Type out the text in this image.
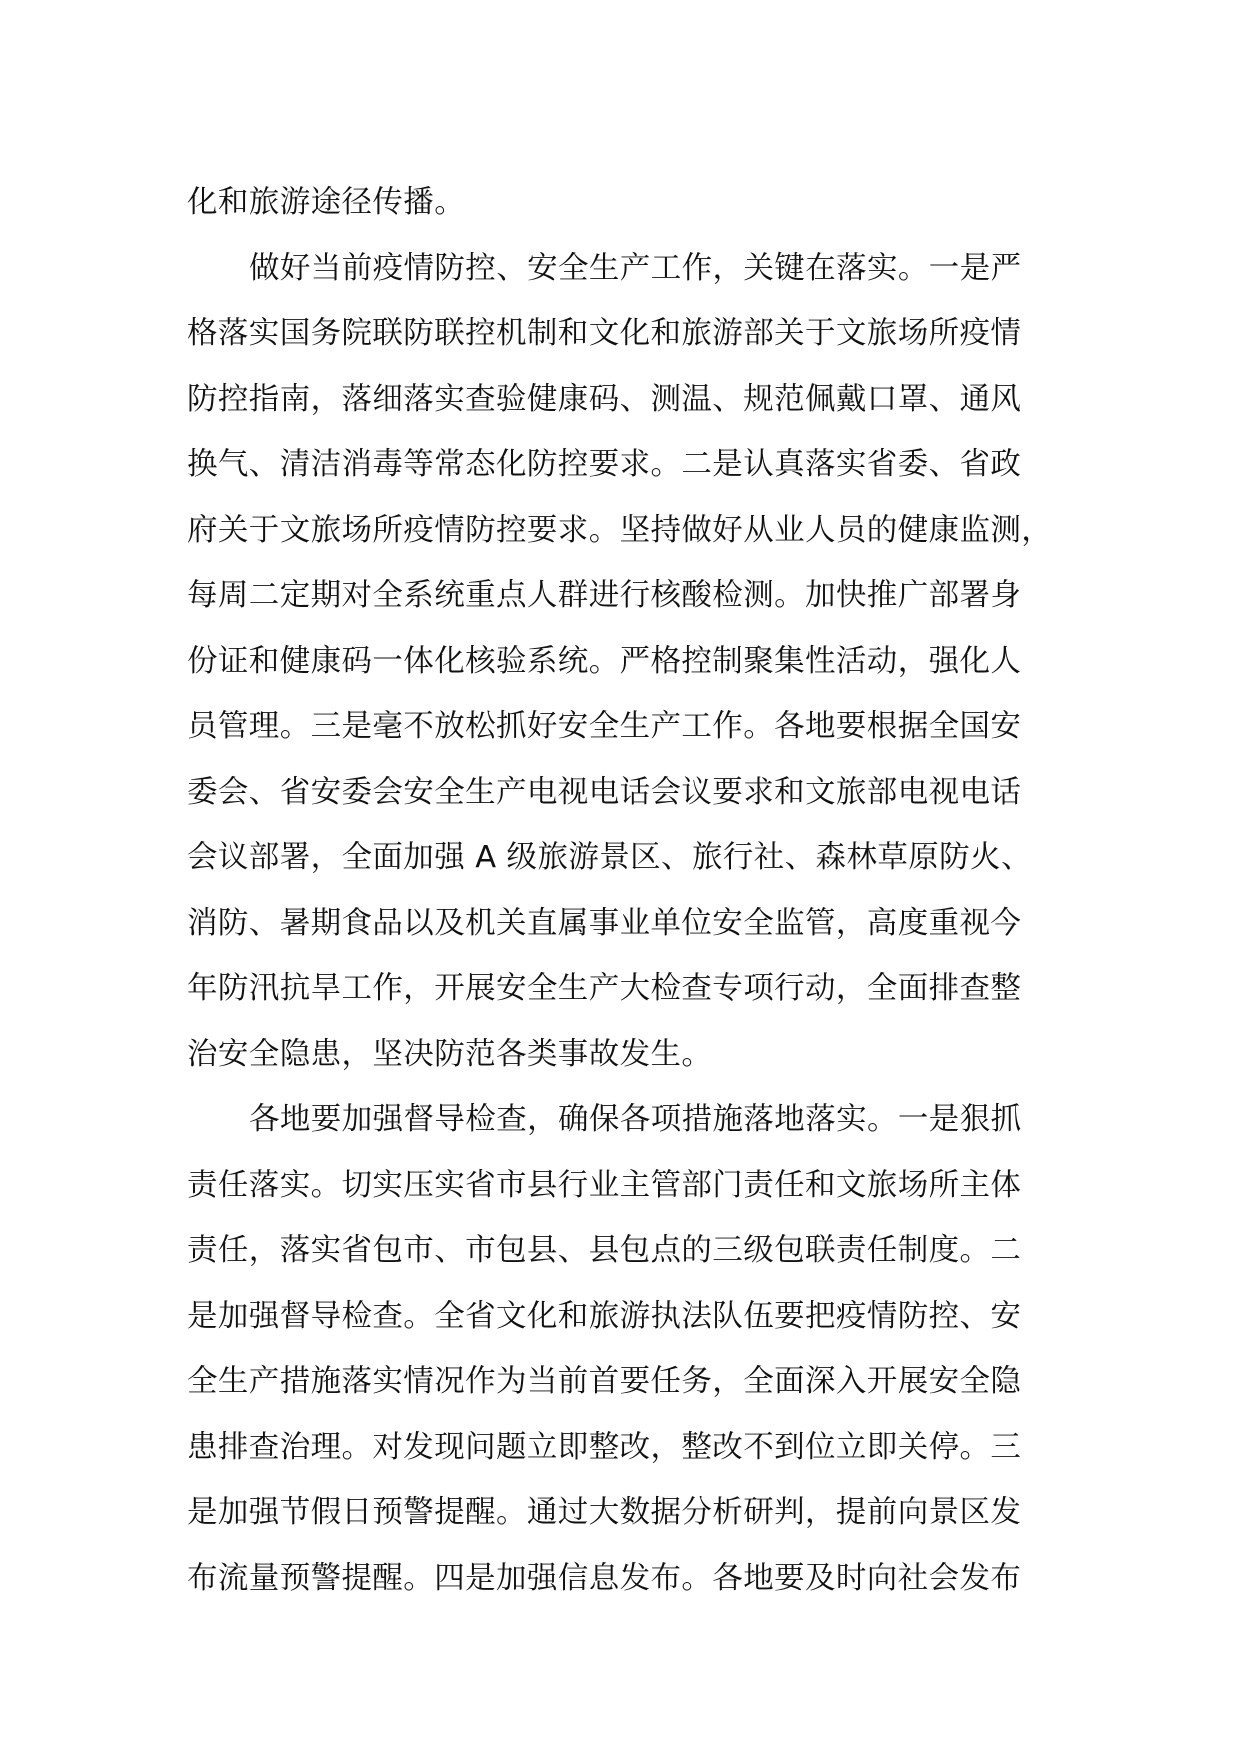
化和旅游途径传播。
做好当前疫情防控、安全生产工作，关键在落实。一是严
格落实国务院联防联控机制和文化和旅游部关于文旅场所疫情
防控指南，落细落实查验健康码、测温、规范佩戴口罩、通风
换气、清洁消毒等常态化防控要求。二是认真落实省委、省政
府关于文旅场所疫情防控要求。坚持做好从业人员的健康监测，
每周二定期对全系统重点人群进行核酸检测。加快推广部署身
份证和健康码一体化核验系统。严格控制聚集性活动，强化人
员管理。三是毫不放松抓好安全生产工作。各地要根据全国安
委会、省安委会安全生产电视电话会议要求和文旅部电视电话
会议部署，全面加强 A 级旅游景区、旅行社、森林草原防火、
消防、暑期食品以及机关直属事业单位安全监管，高度重视今
年防汛抗旱工作，开展安全生产大检查专项行动，全面排查整
治安全隐患，坚决防范各类事故发生。
各地要加强督导检查，确保各项措施落地落实。一是狠抓
责任落实。切实压实省市县行业主管部门责任和文旅场所主体
责任，落实省包市、市包县、县包点的三级包联责任制度。二
是加强督导检查。全省文化和旅游执法队伍要把疫情防控、安
全生产措施落实情况作为当前首要任务，全面深入开展安全隐
患排查治理。对发现问题立即整改，整改不到位立即关停。三
是加强节假日预警提醒。通过大数据分析研判，提前向景区发
布流量预警提醒。四是加强信息发布。各地要及时向社会发布
